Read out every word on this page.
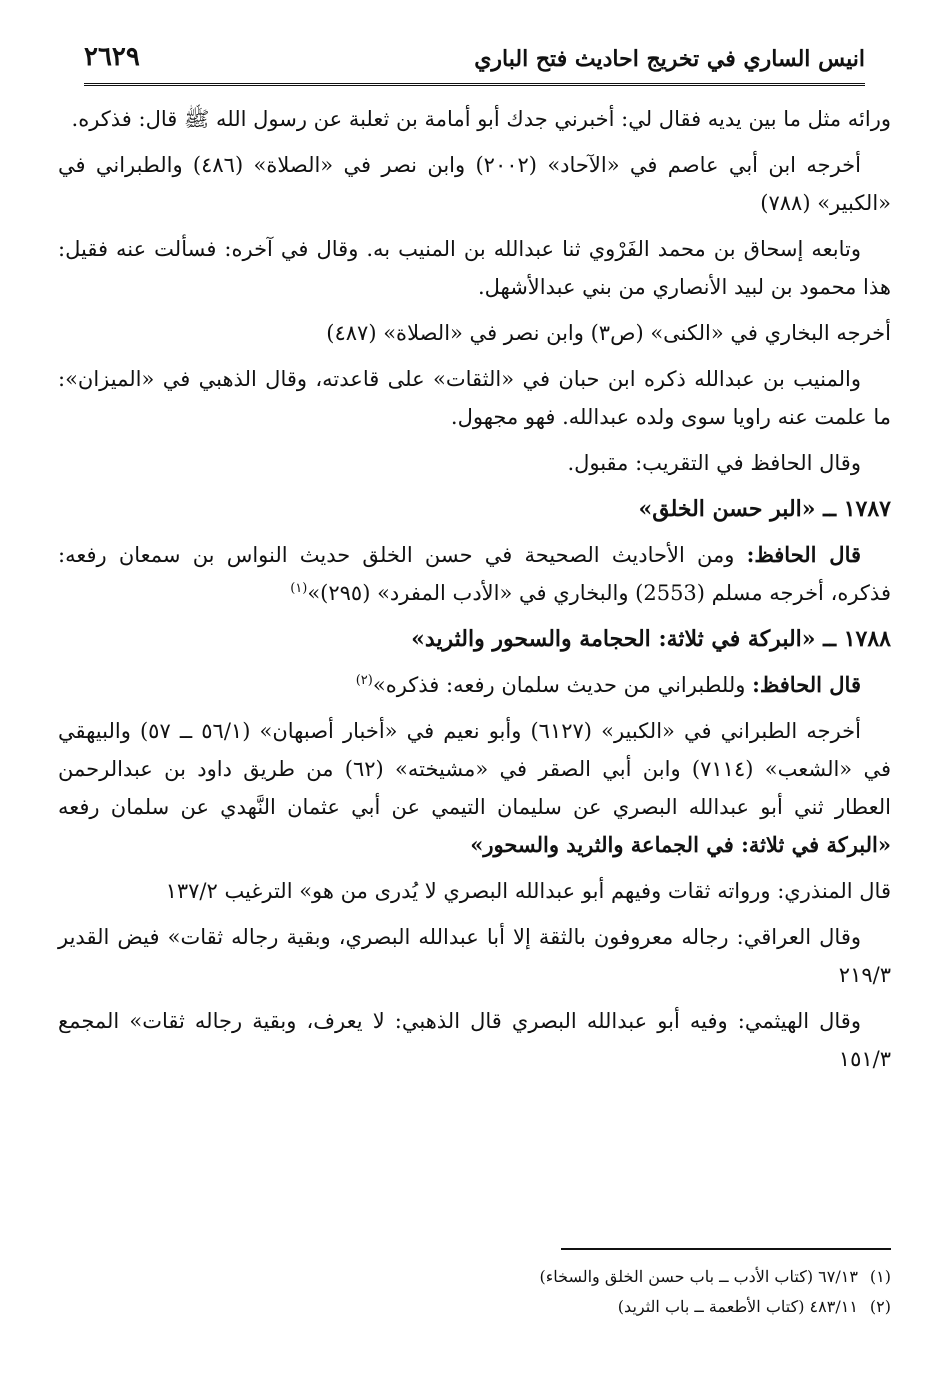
انيس الساري في تخريج احاديث فتح الباري
٢٦٢٩

ورائه مثل ما بين يديه فقال لي: أخبرني جدك أبو أمامة بن ثعلبة عن رسول الله ﷺ قال: فذكره.

أخرجه ابن أبي عاصم في «الآحاد» (٢٠٠٢) وابن نصر في «الصلاة» (٤٨٦) والطبراني في «الكبير» (٧٨٨)

وتابعه إسحاق بن محمد الفَرْوي ثنا عبدالله بن المنيب به. وقال في آخره: فسألت عنه فقيل: هذا محمود بن لبيد الأنصاري من بني عبدالأشهل.

أخرجه البخاري في «الكنى» (ص٣) وابن نصر في «الصلاة» (٤٨٧)

والمنيب بن عبدالله ذكره ابن حبان في «الثقات» على قاعدته، وقال الذهبي في «الميزان»: ما علمت عنه راويا سوى ولده عبدالله. فهو مجهول.

وقال الحافظ في التقريب: مقبول.

١٧٨٧ ــ «البر حسن الخلق»

قال الحافظ: ومن الأحاديث الصحيحة في حسن الخلق حديث النواس بن سمعان رفعه: فذكره، أخرجه مسلم (2553) والبخاري في «الأدب المفرد» (٢٩٥)»$^{(١)}$

١٧٨٨ ــ «البركة في ثلاثة: الحجامة والسحور والثريد»

قال الحافظ: وللطبراني من حديث سلمان رفعه: فذكره»$^{(٢)}$

أخرجه الطبراني في «الكبير» (٦١٢٧) وأبو نعيم في «أخبار أصبهان» (٥٦/١ ــ ٥٧) والبيهقي في «الشعب» (٧١١٤) وابن أبي الصقر في «مشيخته» (٦٢) من طريق داود بن عبدالرحمن العطار ثني أبو عبدالله البصري عن سليمان التيمي عن أبي عثمان النَّهدي عن سلمان رفعه «البركة في ثلاثة: في الجماعة والثريد والسحور»

قال المنذري: ورواته ثقات وفيهم أبو عبدالله البصري لا يُدرى من هو» الترغيب ١٣٧/٢

وقال العراقي: رجاله معروفون بالثقة إلا أبا عبدالله البصري، وبقية رجاله ثقات» فيض القدير ٢١٩/٣

وقال الهيثمي: وفيه أبو عبدالله البصري قال الذهبي: لا يعرف، وبقية رجاله ثقات» المجمع ١٥١/٣

(١)٦٧/١٣ (كتاب الأدب ــ باب حسن الخلق والسخاء)

(٢)٤٨٣/١١ (كتاب الأطعمة ــ باب الثريد)
